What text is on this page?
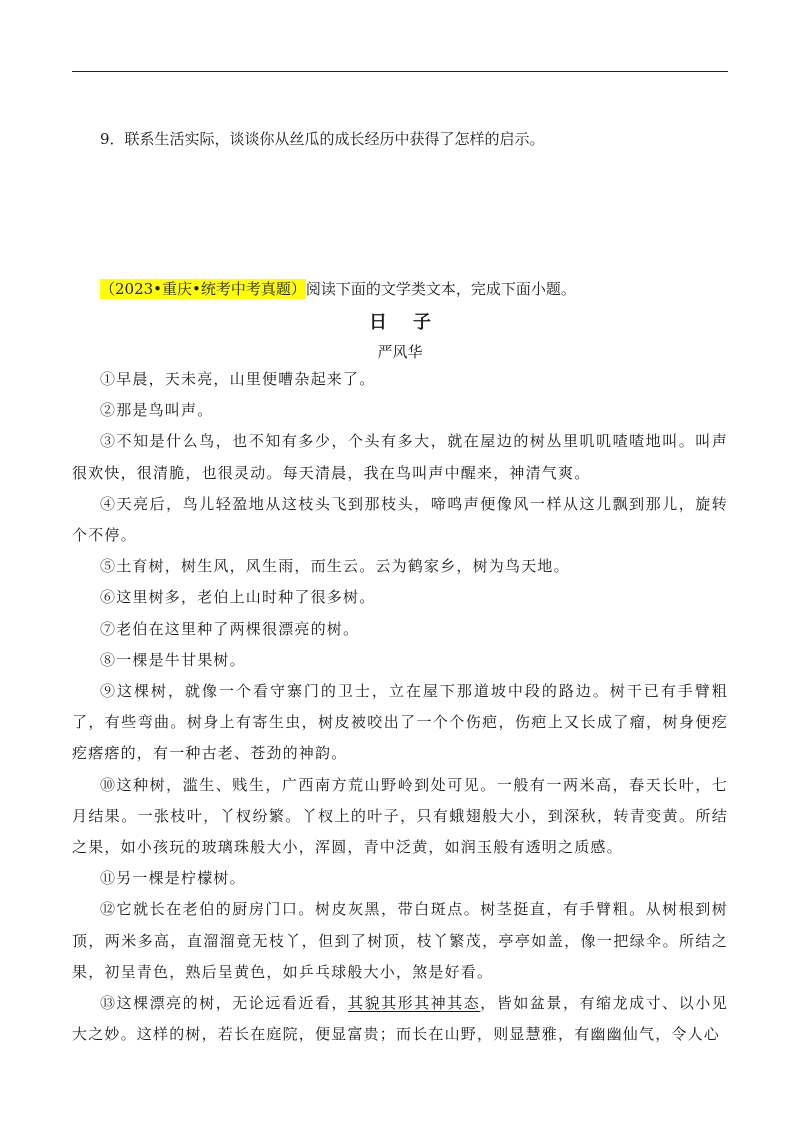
9．联系生活实际，谈谈你从丝瓜的成长经历中获得了怎样的启示。
（2023•重庆•统考中考真题）阅读下面的文学类文本，完成下面小题。
日子
严风华

①早晨，天未亮，山里便嘈杂起来了。

②那是鸟叫声。

③不知是什么鸟，也不知有多少，个头有多大，就在屋边的树丛里叽叽喳喳地叫。叫声很欢快，很清脆，也很灵动。每天清晨，我在鸟叫声中醒来，神清气爽。

④天亮后，鸟儿轻盈地从这枝头飞到那枝头，啼鸣声便像风一样从这儿飘到那儿，旋转个不停。

⑤土育树，树生风，风生雨，而生云。云为鹤家乡，树为鸟天地。

⑥这里树多，老伯上山时种了很多树。

⑦老伯在这里种了两棵很漂亮的树。

⑧一棵是牛甘果树。

⑨这棵树，就像一个看守寨门的卫士，立在屋下那道坡中段的路边。树干已有手臂粗了，有些弯曲。树身上有寄生虫，树皮被咬出了一个个伤疤，伤疤上又长成了瘤，树身便疙疙瘩瘩的，有一种古老、苍劲的神韵。

⑩这种树，滥生、贱生，广西南方荒山野岭到处可见。一般有一两米高，春天长叶，七月结果。一张枝叶，丫杈纷繁。丫杈上的叶子，只有蛾翅般大小，到深秋，转青变黄。所结之果，如小孩玩的玻璃珠般大小，浑圆，青中泛黄，如润玉般有透明之质感。

⑪另一棵是柠檬树。

⑫它就长在老伯的厨房门口。树皮灰黑，带白斑点。树茎挺直，有手臂粗。从树根到树顶，两米多高，直溜溜竟无枝丫，但到了树顶，枝丫繁茂，亭亭如盖，像一把绿伞。所结之果，初呈青色，熟后呈黄色，如乒乓球般大小，煞是好看。

⑬这棵漂亮的树，无论远看近看，其貌其形其神其态，皆如盆景，有缩龙成寸、以小见大之妙。这样的树，若长在庭院，便显富贵；而长在山野，则显慧雅，有幽幽仙气，令人心
